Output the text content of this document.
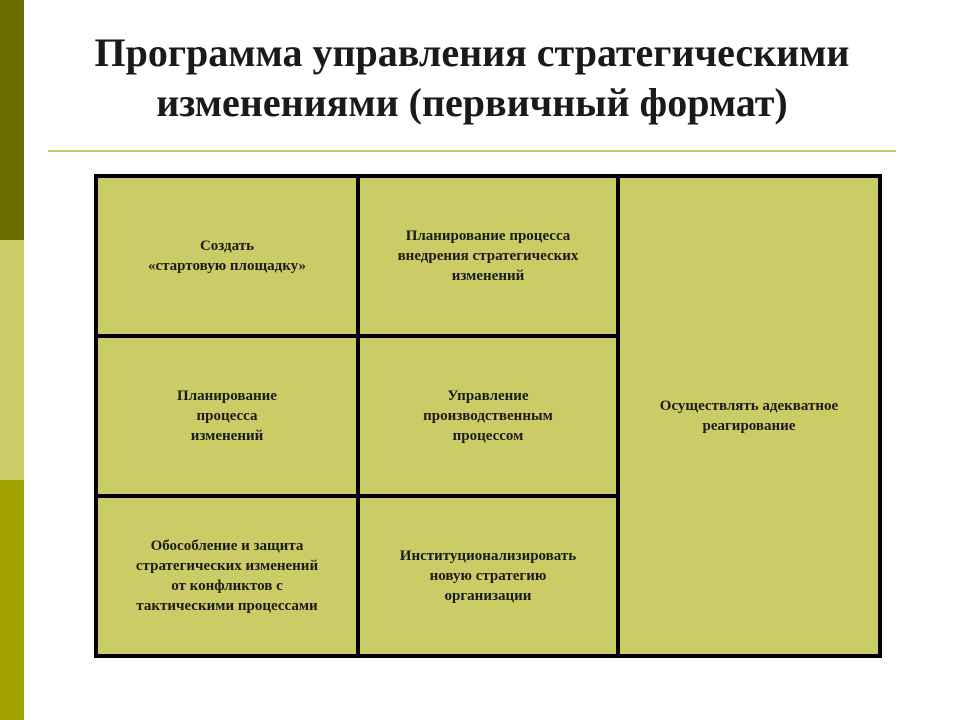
Программа управления стратегическими изменениями (первичный формат)
Создать
«стартовую площадку»
Планирование
процесса
изменений
Обособление и защита
стратегических изменений
от конфликтов с
тактическими процессами
Планирование процесса
внедрения стратегических
изменений
Управление
производственным
процессом
Институционализировать
новую стратегию
организации
Осуществлять адекватное
реагирование
